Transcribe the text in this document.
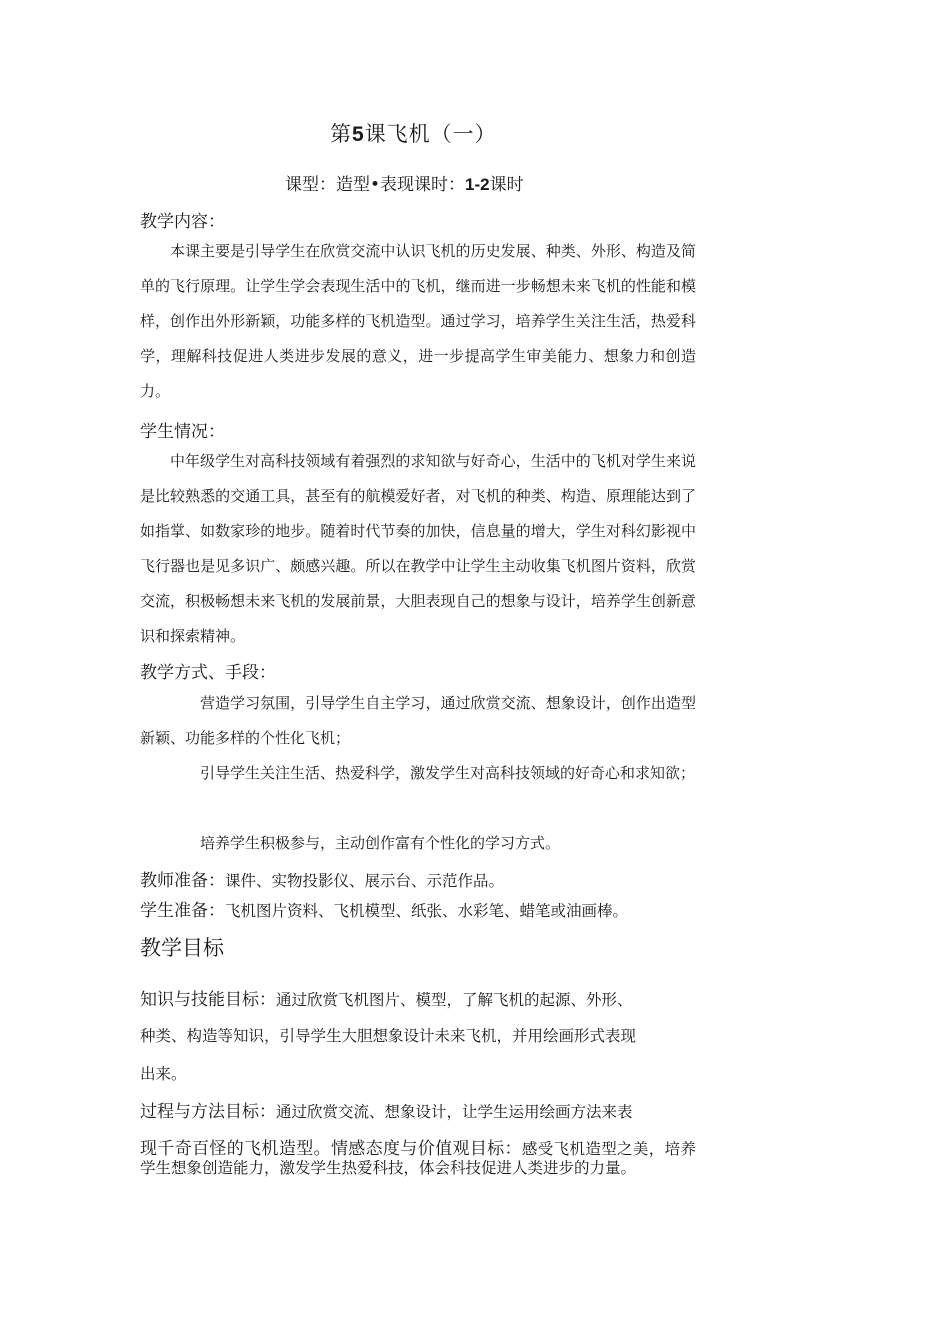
第5课飞机（一）
课型：造型•表现课时：1-2课时
教学内容：
本课主要是引导学生在欣赏交流中认识飞机的历史发展、种类、外形、构造及简单的飞行原理。让学生学会表现生活中的飞机，继而进一步畅想未来飞机的性能和模样，创作出外形新颖，功能多样的飞机造型。通过学习，培养学生关注生活，热爱科学，理解科技促进人类进步发展的意义，进一步提高学生审美能力、想象力和创造力。
学生情况：
中年级学生对高科技领域有着强烈的求知欲与好奇心，生活中的飞机对学生来说是比较熟悉的交通工具，甚至有的航模爱好者，对飞机的种类、构造、原理能达到了如指掌、如数家珍的地步。随着时代节奏的加快，信息量的增大，学生对科幻影视中飞行器也是见多识广、颇感兴趣。所以在教学中让学生主动收集飞机图片资料，欣赏交流，积极畅想未来飞机的发展前景，大胆表现自己的想象与设计，培养学生创新意识和探索精神。
教学方式、手段：
营造学习氛围，引导学生自主学习，通过欣赏交流、想象设计，创作出造型新颖、功能多样的个性化飞机；
引导学生关注生活、热爱科学，激发学生对高科技领域的好奇心和求知欲；
培养学生积极参与，主动创作富有个性化的学习方式。
教师准备：课件、实物投影仪、展示台、示范作品。
学生准备：飞机图片资料、飞机模型、纸张、水彩笔、蜡笔或油画棒。
教学目标
知识与技能目标：通过欣赏飞机图片、模型，了解飞机的起源、外形、
种类、构造等知识，引导学生大胆想象设计未来飞机，并用绘画形式表现
出来。
过程与方法目标：通过欣赏交流、想象设计，让学生运用绘画方法来表
现千奇百怪的飞机造型。情感态度与价值观目标：感受飞机造型之美，培养学生想象创造能力，激发学生热爱科技，体会科技促进人类进步的力量。
